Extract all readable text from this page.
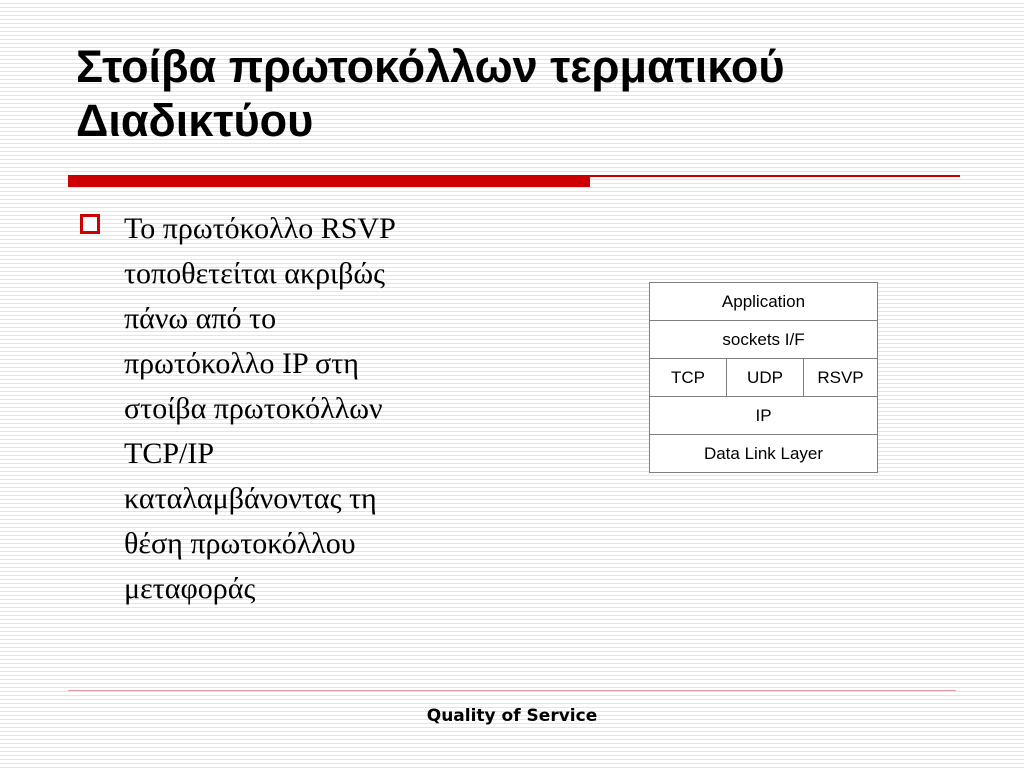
Στοίβα πρωτοκόλλων τερματικού
Διαδικτύου
Το πρωτόκολλο RSVP
τοποθετείται ακριβώς
πάνω από το
πρωτόκολλο IP στη
στοίβα πρωτοκόλλων
TCP/IP
καταλαμβάνοντας τη
θέση πρωτοκόλλου
μεταφοράς
Application
sockets I/F
TCP	UDP	RSVP
IP
Data Link Layer
Quality of Service
